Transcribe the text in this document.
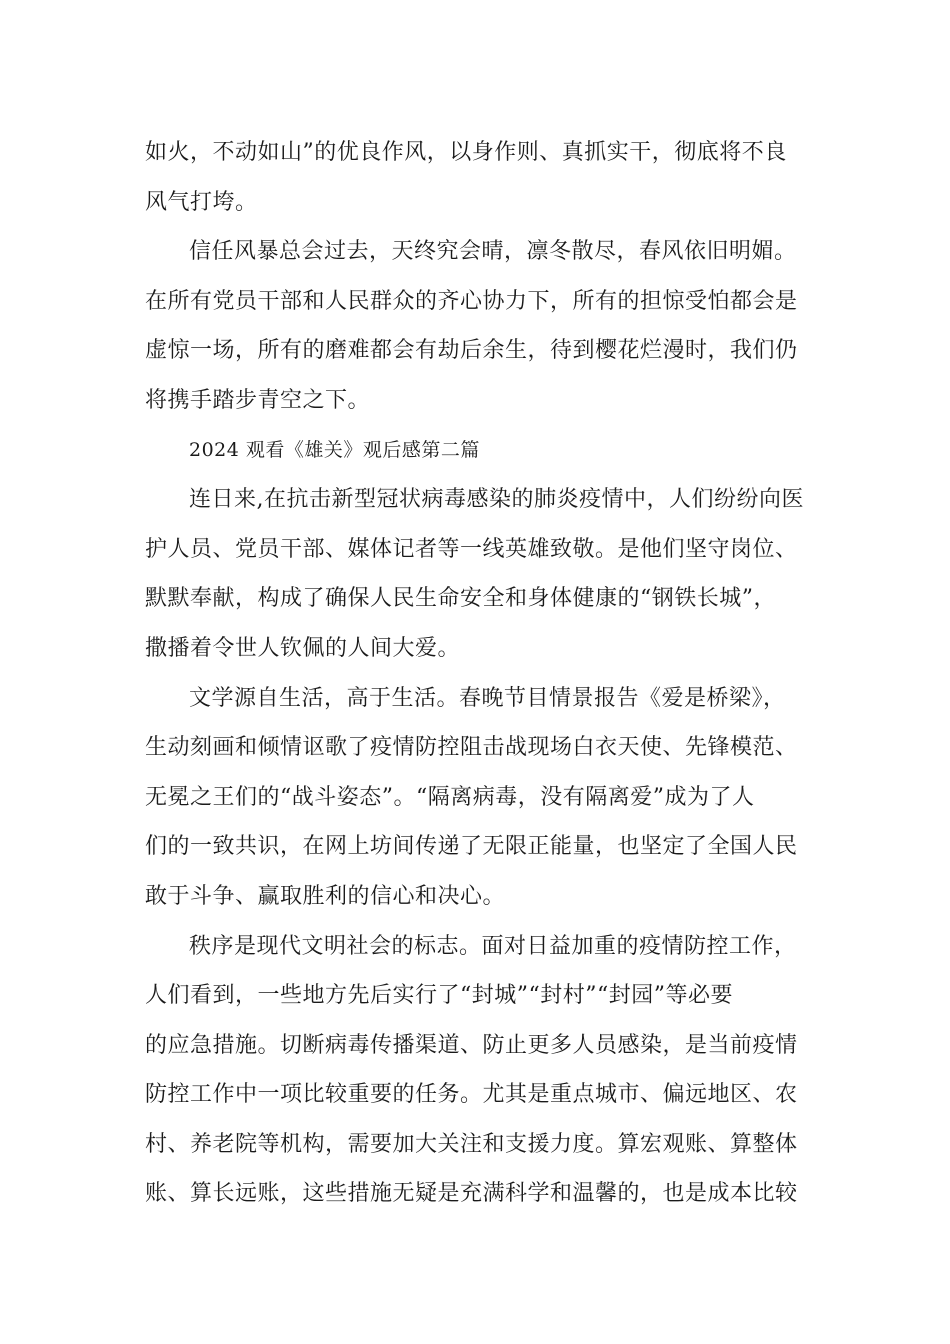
如火，不动如山”的优良作风，以身作则、真抓实干，彻底将不良
风气打垮。

信任风暴总会过去，天终究会晴，凛冬散尽，春风依旧明媚。
在所有党员干部和人民群众的齐心协力下，所有的担惊受怕都会是
虚惊一场，所有的磨难都会有劫后余生，待到樱花烂漫时，我们仍
将携手踏步青空之下。

2024 观看《雄关》观后感第二篇

连日来,在抗击新型冠状病毒感染的肺炎疫情中，人们纷纷向医
护人员、党员干部、媒体记者等一线英雄致敬。是他们坚守岗位、
默默奉献，构成了确保人民生命安全和身体健康的“钢铁长城”，
撒播着令世人钦佩的人间大爱。

文学源自生活，高于生活。春晚节目情景报告《爱是桥梁》，
生动刻画和倾情讴歌了疫情防控阻击战现场白衣天使、先锋模范、
无冕之王们的“战斗姿态”。“隔离病毒，没有隔离爱”成为了人
们的一致共识，在网上坊间传递了无限正能量，也坚定了全国人民
敢于斗争、赢取胜利的信心和决心。

秩序是现代文明社会的标志。面对日益加重的疫情防控工作，
人们看到，一些地方先后实行了“封城”“封村”“封园”等必要
的应急措施。切断病毒传播渠道、防止更多人员感染，是当前疫情
防控工作中一项比较重要的任务。尤其是重点城市、偏远地区、农
村、养老院等机构，需要加大关注和支援力度。算宏观账、算整体
账、算长远账，这些措施无疑是充满科学和温馨的，也是成本比较
